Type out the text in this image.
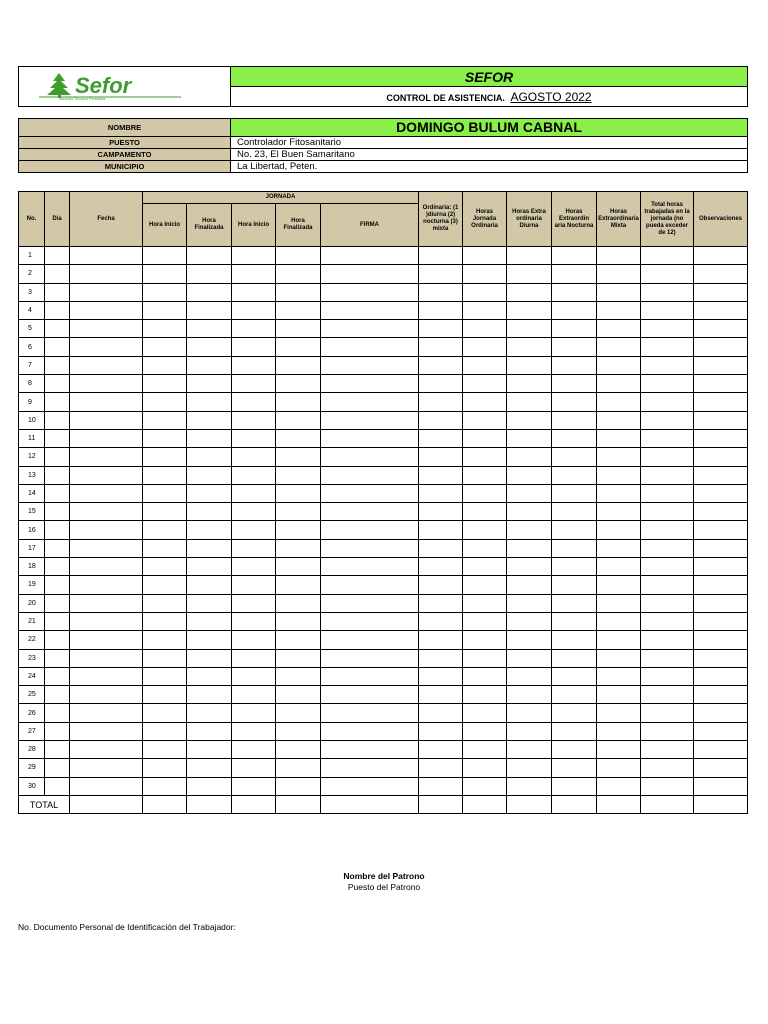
Sefor
Servicios Técnicos Forestales
	SEFOR
CONTROL DE ASISTENCIA. AGOSTO 2022
NOMBRE	DOMINGO BULUM CABNAL
PUESTO	Controlador Fitosanitario
CAMPAMENTO	No. 23, El Buen Samaritano
MUNICIPIO	La Libertad, Peten.
No.	Dia	Fecha	JORNADA					Ordinaria: (1 )diurna (2) nocturna (3) mixta	Horas Jornada Ordinaria	Horas Extra ordinaria Diurna	Horas Extraordin aria Nocturna	Horas Extraordinaria Mixta	Total horas trabajadas en la jornada (no pueda exceder de 12)	Observaciones
			Hora Inicio	Hora Finalizada	Hora Inicio	Hora Finalizada	FIRMA							
1														
2														
3														
4														
5														
6														
7														
8														
9														
10														
11														
12														
13														
14														
15														
16														
17														
18														
19														
20														
21														
22														
23														
24														
25														
26														
27														
28														
29														
30														
TOTAL														
Nombre del Patrono
Puesto del Patrono
No. Documento Personal de Identificación del Trabajador:
